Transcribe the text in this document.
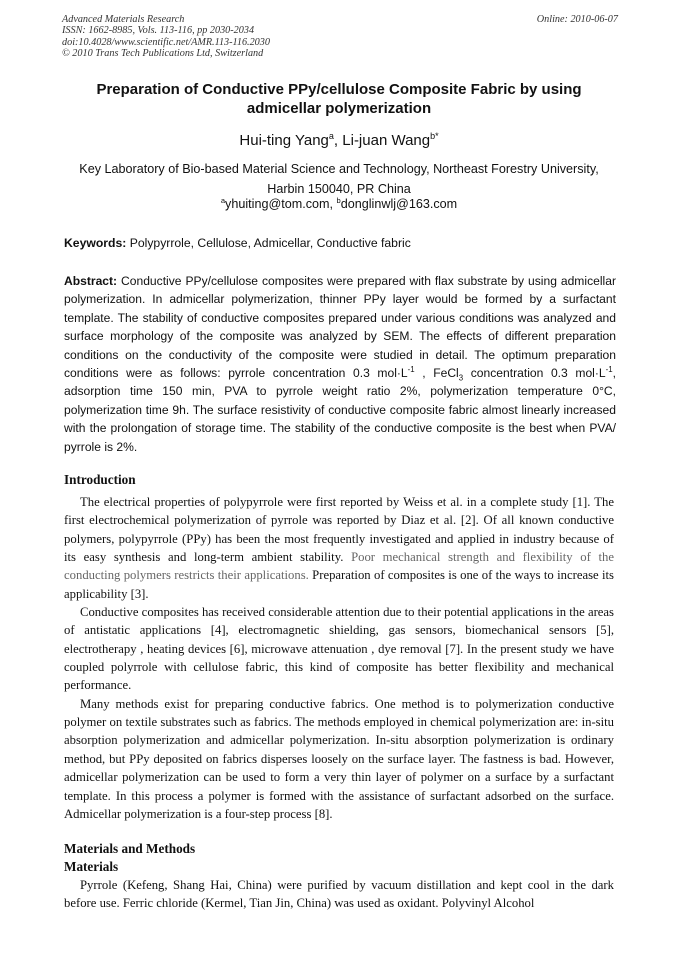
Advanced Materials Research
ISSN: 1662-8985, Vols. 113-116, pp 2030-2034
doi:10.4028/www.scientific.net/AMR.113-116.2030
© 2010 Trans Tech Publications Ltd, Switzerland
Online: 2010-06-07
Preparation of Conductive PPy/cellulose Composite Fabric by using admicellar polymerization
Hui-ting Yang$^a$, Li-juan Wang$^{b*}$
Key Laboratory of Bio-based Material Science and Technology, Northeast Forestry University,
Harbin 150040, PR China
$^a$yhuiting@tom.com, $^b$donglinwlj@163.com
Keywords: Polypyrrole, Cellulose, Admicellar, Conductive fabric
Abstract: Conductive PPy/cellulose composites were prepared with flax substrate by using admicellar polymerization. In admicellar polymerization, thinner PPy layer would be formed by a surfactant template. The stability of conductive composites prepared under various conditions was analyzed and surface morphology of the composite was analyzed by SEM. The effects of different preparation conditions on the conductivity of the composite were studied in detail. The optimum preparation conditions were as follows: pyrrole concentration 0.3 $mol\cdot L^{-1}$ , FeCl$_3$ concentration 0.3 $mol\cdot L^{-1}$, adsorption time 150 min, PVA to pyrrole weight ratio 2%, polymerization temperature 0°C, polymerization time 9h. The surface resistivity of conductive composite fabric almost linearly increased with the prolongation of storage time. The stability of the conductive composite is the best when PVA/ pyrrole is 2%.
Introduction

The electrical properties of polypyrrole were first reported by Weiss et al. in a complete study [1]. The first electrochemical polymerization of pyrrole was reported by Diaz et al. [2]. Of all known conductive polymers, polypyrrole (PPy) has been the most frequently investigated and applied in industry because of its easy synthesis and long-term ambient stability. Poor mechanical strength and flexibility of the conducting polymers restricts their applications. Preparation of composites is one of the ways to increase its applicability [3].

Conductive composites has received considerable attention due to their potential applications in the areas of antistatic applications [4], electromagnetic shielding, gas sensors, biomechanical sensors [5], electrotherapy , heating devices [6], microwave attenuation , dye removal [7]. In the present study we have coupled polyrrole with cellulose fabric, this kind of composite has better flexibility and mechanical performance.

Many methods exist for preparing conductive fabrics. One method is to polymerization conductive polymer on textile substrates such as fabrics. The methods employed in chemical polymerization are: in-situ absorption polymerization and admicellar polymerization. In-situ absorption polymerization is ordinary method, but PPy deposited on fabrics disperses loosely on the surface layer. The fastness is bad. However, admicellar polymerization can be used to form a very thin layer of polymer on a surface by a surfactant template. In this process a polymer is formed with the assistance of surfactant adsorbed on the surface. Admicellar polymerization is a four-step process [8].

Materials and Methods
Materials

Pyrrole (Kefeng, Shang Hai, China) were purified by vacuum distillation and kept cool in the dark before use. Ferric chloride (Kermel, Tian Jin, China) was used as oxidant. Polyvinyl Alcohol
